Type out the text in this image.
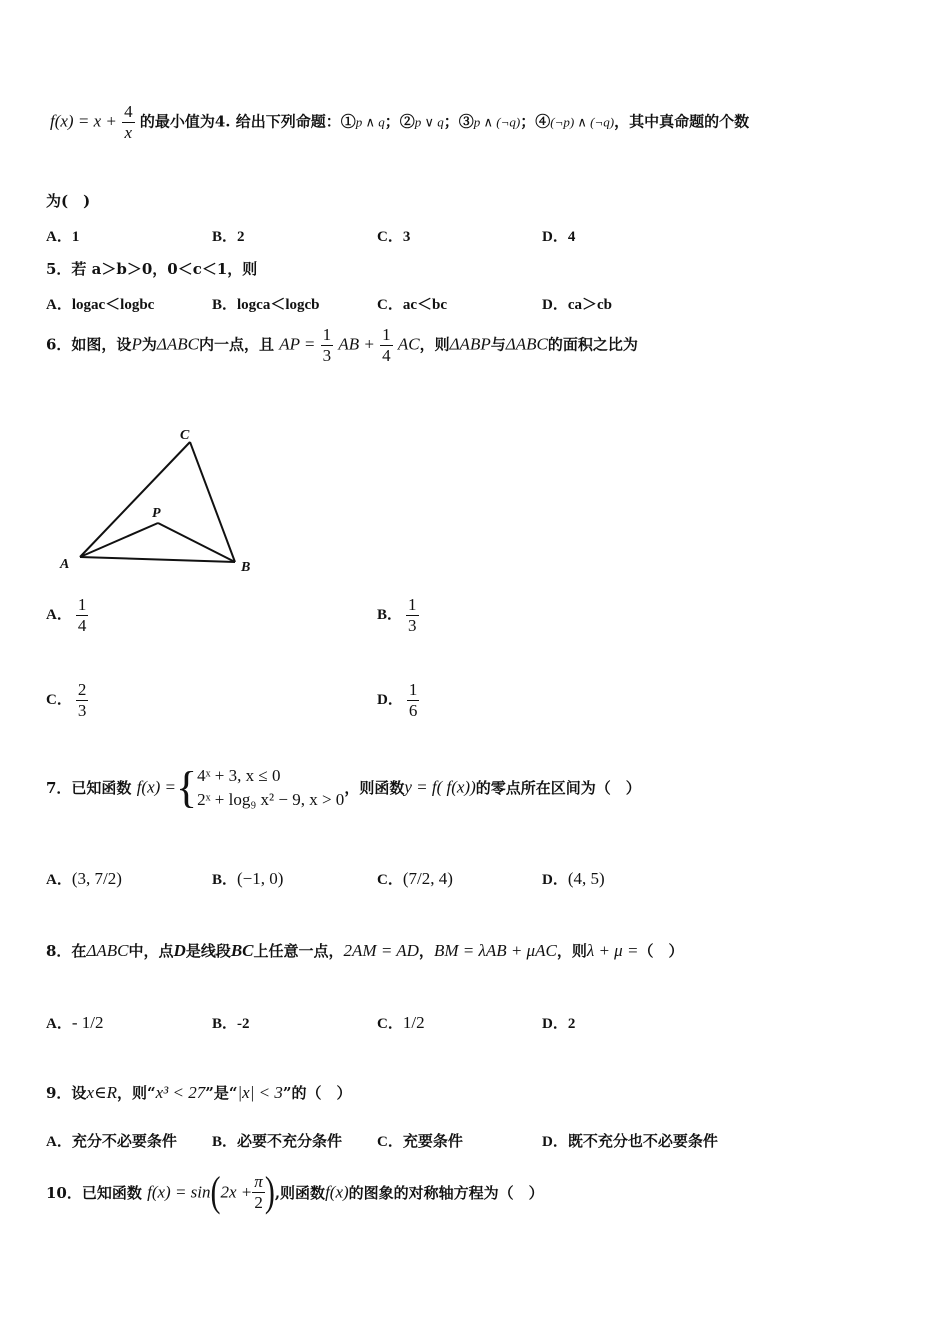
$f(x) = x + \frac{4}{x}$ 的最小值为4. 给出下列命题：①p ∧ q；②p ∨ q；③p ∧ (¬q)；④(¬p) ∧ (¬q)，其中真命题的个数
为(　)
A．1	B．2	C．3	D．4
5．若 a＞b＞0，0＜c＜1，则
A．logac＜logbc	B．logca＜logcb	C．ac＜bc	D．ca＞cb
6．如图，设P为ΔABC内一点，且 AP = $\frac{1}{3}$ AB + $\frac{1}{4}$ AC，则ΔABP与ΔABC的面积之比为
A	B
C
P
A． $\frac{1}{4}$	B． $\frac{1}{3}$
C． $\frac{2}{3}$	D． $\frac{1}{6}$
7．已知函数 f(x) ={ 4ˣ + 3, x ≤ 0
2ˣ + log₉ x² − 9, x > 0
，则函数y = f( f(x))的零点所在区间为（　）
A．(3, 7/2)	B．(−1, 0)	C．(7/2, 4)	D．(4, 5)
8．在ΔABC中，点D是线段BC上任意一点，2AM = AD，BM = λAB + μAC，则λ + μ =（　）
A．- 1/2	B．-2	C．1/2	D．2
9．设x∈R，则“x³ < 27”是“|x| < 3”的（　）
A．充分不必要条件 B．必要不充分条件 C．充要条件	D．既不充分也不必要条件
10．已知函数 $f(x) = \sin(2x + \frac{\pi}{2}$ ),则函数f(x)的图象的对称轴方程为（　）
